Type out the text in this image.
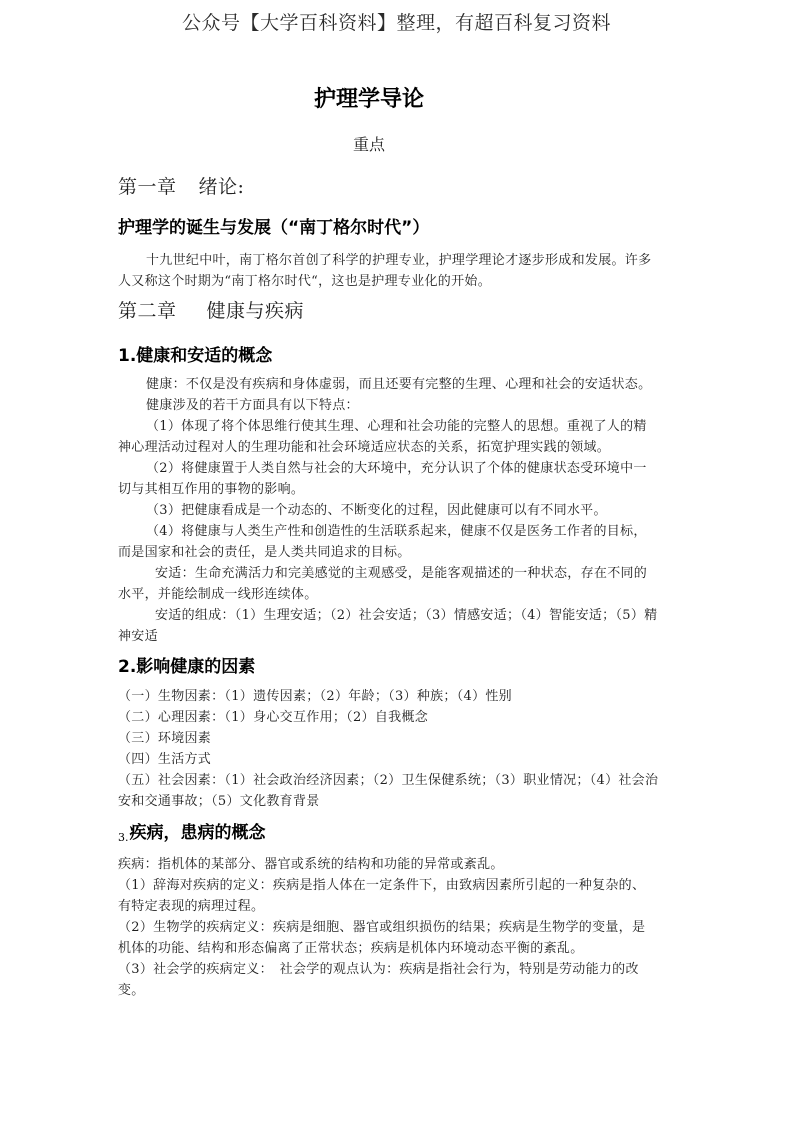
公众号【大学百科资料】整理，有超百科复习资料
护理学导论
重点
第一章 绪论:
护理学的诞生与发展（“南丁格尔时代”）
十九世纪中叶，南丁格尔首创了科学的护理专业，护理学理论才逐步形成和发展。许多
人又称这个时期为“南丁格尔时代“，这也是护理专业化的开始。
第二章 健康与疾病
1.健康和安适的概念
健康：不仅是没有疾病和身体虚弱，而且还要有完整的生理、心理和社会的安适状态。
健康涉及的若干方面具有以下特点：
（1）体现了将个体思维行使其生理、心理和社会功能的完整人的思想。重视了人的精
神心理活动过程对人的生理功能和社会环境适应状态的关系，拓宽护理实践的领域。
（2）将健康置于人类自然与社会的大环境中，充分认识了个体的健康状态受环境中一
切与其相互作用的事物的影响。
（3）把健康看成是一个动态的、不断变化的过程，因此健康可以有不同水平。
（4）将健康与人类生产性和创造性的生活联系起来，健康不仅是医务工作者的目标，
而是国家和社会的责任，是人类共同追求的目标。
安适：生命充满活力和完美感觉的主观感受，是能客观描述的一种状态，存在不同的
水平，并能绘制成一线形连续体。
安适的组成：（1）生理安适；（2）社会安适；（3）情感安适；（4）智能安适；（5）精
神安适
2.影响健康的因素
（一）生物因素：（1）遗传因素；（2）年龄；（3）种族；（4）性别
（二）心理因素：（1）身心交互作用；（2）自我概念
（三）环境因素
（四）生活方式
（五）社会因素：（1）社会政治经济因素；（2）卫生保健系统；（3）职业情况；（4）社会治
安和交通事故；（5）文化教育背景
3.疾病，患病的概念
疾病：指机体的某部分、器官或系统的结构和功能的异常或紊乱。
（1）辞海对疾病的定义：疾病是指人体在一定条件下，由致病因素所引起的一种复杂的、
有特定表现的病理过程。
（2）生物学的疾病定义：疾病是细胞、器官或组织损伤的结果；疾病是生物学的变量，是
机体的功能、结构和形态偏离了正常状态；疾病是机体内环境动态平衡的紊乱。
（3）社会学的疾病定义：　社会学的观点认为：疾病是指社会行为，特别是劳动能力的改
变。
